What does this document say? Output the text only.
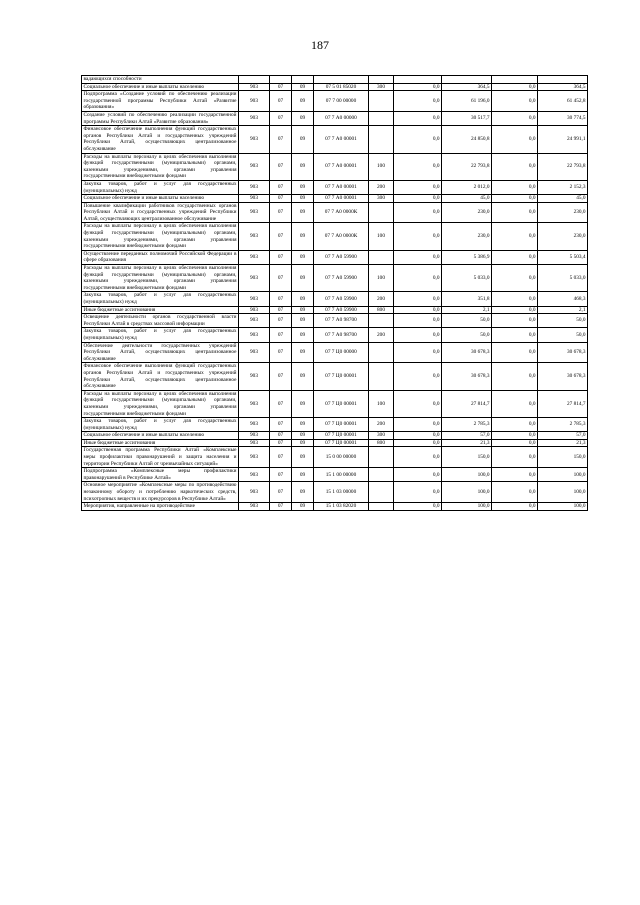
187
вадающихся способности									
Социальное обеспечение и иные выплаты населению	903	07	09	07 5 01 85020	300	0,0	364,5	0,0	364,5
Подпрограмма «Создание условий по обеспечению реализации государственной программы Республики Алтай «Развитие образования»	903	07	09	07 7 00 00000		0,0	61 196,0	0,0	61 452,8
Создание условий по обеспечению реализации государственной программы Республики Алтай «Развитие образования»	903	07	09	07 7 А0 00000		0,0	30 517,7	0,0	30 774,5
Финансовое обеспечение выполнения функций государственных органов Республики Алтай и государственных учреждений Республики Алтай, осуществляющих централизованное обслуживание	903	07	09	07 7 А0 00001		0,0	24 850,8	0,0	24 991,1
Расходы на выплаты персоналу в целях обеспечения выполнения функций государственными (муниципальными) органами, казенными учреждениями, органами управления государственными внебюджетными фондами	903	07	09	07 7 А0 00001	100	0,0	22 793,8	0,0	22 793,8
Закупка товаров, работ и услуг для государственных (муниципальных) нужд	903	07	09	07 7 А0 00001	200	0,0	2 012,0	0,0	2 152,3
Социальное обеспечение и иные выплаты населению	903	07	09	07 7 А0 00001	300	0,0	45,0	0,0	45,0
Повышение квалификации работников государственных органов Республики Алтай и государственных учреждений Республики Алтай, осуществляющих централизованное обслуживание	903	07	09	07 7 А0 0000К		0,0	230,0	0,0	230,0
Расходы на выплаты персоналу в целях обеспечения выполнения функций государственными (муниципальными) органами, казенными учреждениями, органами управления государственными внебюджетными фондами	903	07	09	07 7 А0 0000К	100	0,0	230,0	0,0	230,0
Осуществление переданных полномочий Российской Федерации в сфере образования	903	07	09	07 7 А0 59900		0,0	5 386,9	0,0	5 503,4
Расходы на выплаты персоналу в целях обеспечения выполнения функций государственными (муниципальными) органами, казенными учреждениями, органами управления государственными внебюджетными фондами	903	07	09	07 7 А0 59900	100	0,0	5 033,0	0,0	5 033,0
Закупка товаров, работ и услуг для государственных (муниципальных) нужд	903	07	09	07 7 А0 59900	200	0,0	351,8	0,0	468,3
Иные бюджетные ассигнования	903	07	09	07 7 А0 59900	800	0,0	2,1	0,0	2,1
Освещение деятельности органов государственной власти Республики Алтай в средствах массовой информации	903	07	09	07 7 А0 98700		0,0	50,0	0,0	50,0
Закупка товаров, работ и услуг для государственных (муниципальных) нужд	903	07	09	07 7 А0 98700	200	0,0	50,0	0,0	50,0
Обеспечение деятельности государственных учреждений Республики Алтай, осуществляющих централизованное обслуживание	903	07	09	07 7 Ц0 00000		0,0	30 678,3	0,0	30 678,3
Финансовое обеспечение выполнения функций государственных органов Республики Алтай и государственных учреждений Республики Алтай, осуществляющих централизованное обслуживание	903	07	09	07 7 Ц0 00001		0,0	30 678,3	0,0	30 678,3
Расходы на выплаты персоналу в целях обеспечения выполнения функций государственными (муниципальными) органами, казенными учреждениями, органами управления государственными внебюджетными фондами	903	07	09	07 7 Ц0 00001	100	0,0	27 814,7	0,0	27 814,7
Закупка товаров, работ и услуг для государственных (муниципальных) нужд	903	07	09	07 7 Ц0 00001	200	0,0	2 785,3	0,0	2 785,3
Социальное обеспечение и иные выплаты населению	903	07	09	07 7 Ц0 00001	300	0,0	57,0	0,0	57,0
Иные бюджетные ассигнования	903	07	09	07 7 Ц0 00001	800	0,0	21,3	0,0	21,3
Государственная программа Республики Алтай «Комплексные меры профилактики правонарушений и защита населения и территории Республики Алтай от чрезвычайных ситуаций»	903	07	09	15 0 00 00000		0,0	150,0	0,0	150,0
Подпрограмма «Комплексные меры профилактики правонарушений в Республике Алтай»	903	07	09	15 1 00 00000		0,0	100,0	0,0	100,0
Основное мероприятие «Комплексные меры по противодействию незаконному обороту и потреблению наркотических средств, психотропных веществ и их прекурсоров в Республике Алтай»	903	07	09	15 1 03 00000		0,0	100,0	0,0	100,0
Мероприятия, направленные на противодействие	903	07	09	15 1 03 82020		0,0	100,0	0,0	100,0
